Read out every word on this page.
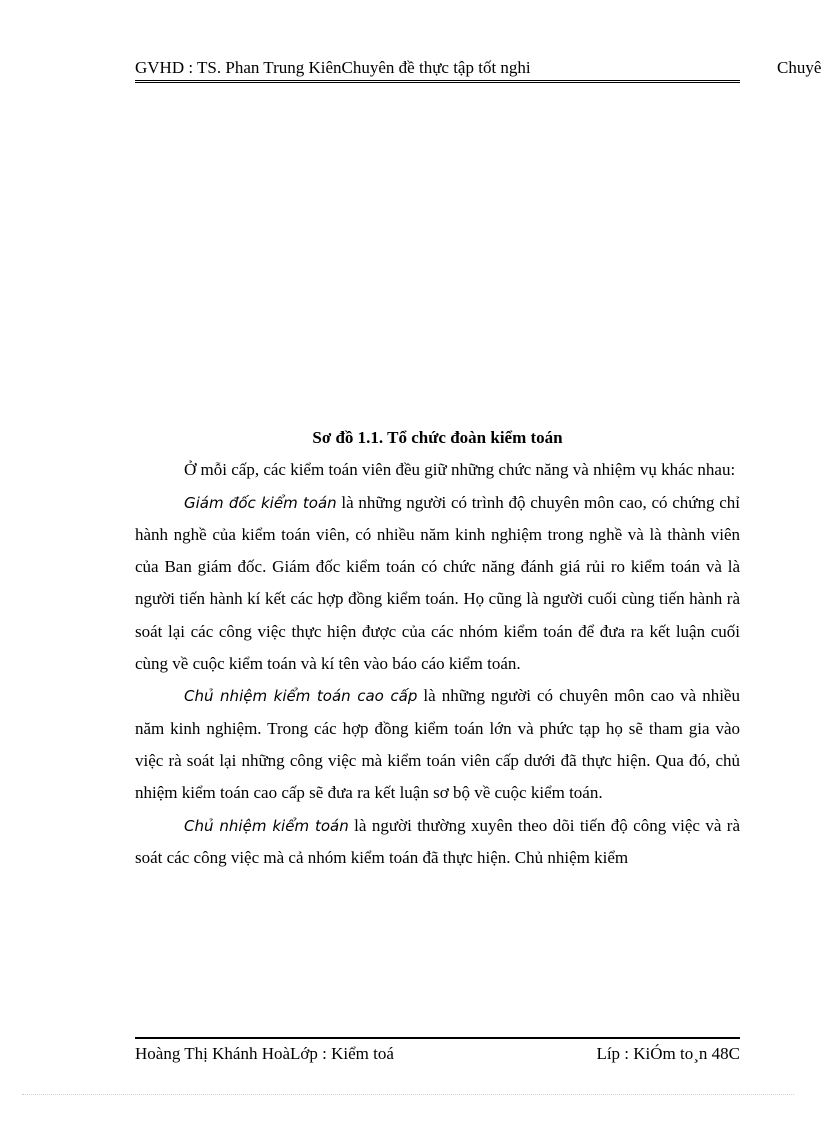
GVHD : TS. Phan Trung KiênChuyên đề thực tập tốt nghi	Chuyê

Sơ đồ 1.1. Tổ chức đoàn kiểm toán

Ở mỗi cấp, các kiểm toán viên đều giữ những chức năng và nhiệm vụ khác nhau:

Giám đốc kiểm toán là những người có trình độ chuyên môn cao, có chứng chỉ hành nghề của kiểm toán viên, có nhiều năm kinh nghiệm trong nghề và là thành viên của Ban giám đốc. Giám đốc kiểm toán có chức năng đánh giá rủi ro kiểm toán và là người tiến hành kí kết các hợp đồng kiểm toán. Họ cũng là người cuối cùng tiến hành rà soát lại các công việc thực hiện được của các nhóm kiểm toán để đưa ra kết luận cuối cùng về cuộc kiểm toán và kí tên vào báo cáo kiểm toán.

Chủ nhiệm kiểm toán cao cấp là những người có chuyên môn cao và nhiều năm kinh nghiệm. Trong các hợp đồng kiểm toán lớn và phức tạp họ sẽ tham gia vào việc rà soát lại những công việc mà kiểm toán viên cấp dưới đã thực hiện. Qua đó, chủ nhiệm kiểm toán cao cấp sẽ đưa ra kết luận sơ bộ về cuộc kiểm toán.

Chủ nhiệm kiểm toán là người thường xuyên theo dõi tiến độ công việc và rà soát các công việc mà cả nhóm kiểm toán đã thực hiện. Chủ nhiệm kiểm

Hoàng Thị Khánh HoàLớp : Kiểm toá	Líp : KiÓm to¸n 48C
